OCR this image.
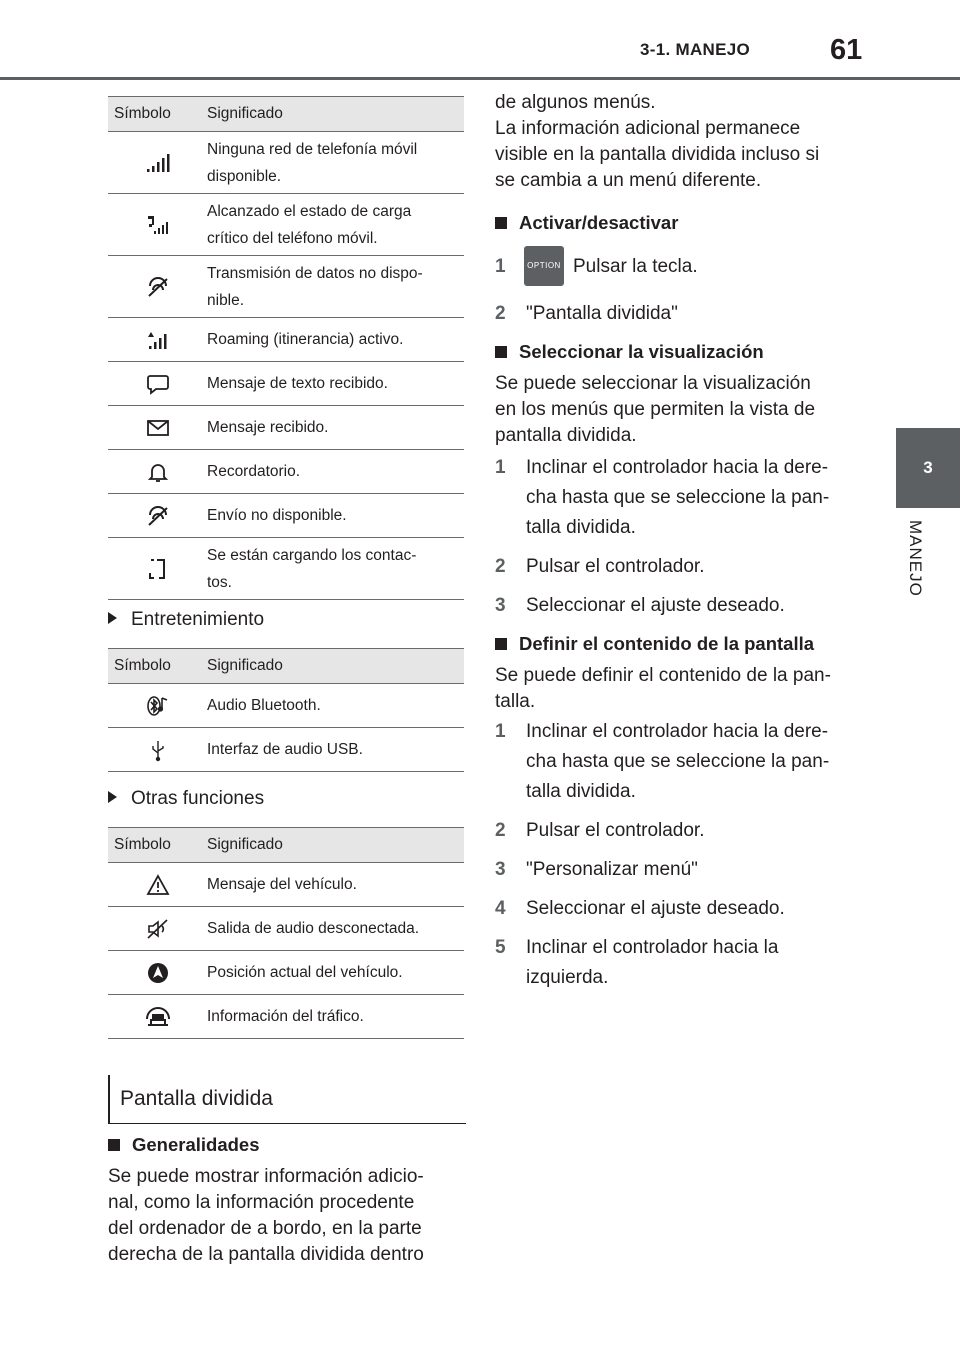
3-1. MANEJO	61
3
MANEJO
Símbolo	Significado

Ninguna red de telefonía móvil
disponible.

Alcanzado el estado de carga
crítico del teléfono móvil.

Transmisión de datos no dispo-
nible.

Roaming (itinerancia) activo.

Mensaje de texto recibido.

Mensaje recibido.

Recordatorio.

Envío no disponible.

Se están cargando los contac-
tos.
Entretenimiento
Símbolo	Significado

Audio Bluetooth.

Interfaz de audio USB.
Otras funciones
Símbolo	Significado

Mensaje del vehículo.

Salida de audio desconectada.

Posición actual del vehículo.

Información del tráfico.
Pantalla dividida
Generalidades
Se puede mostrar información adicio-
nal, como la información procedente
del ordenador de a bordo, en la parte
derecha de la pantalla dividida dentro
de algunos menús.
La información adicional permanece
visible en la pantalla dividida incluso si
se cambia a un menú diferente.
Activar/desactivar
1	Pulsar la tecla.
OPTION
2 "Pantalla dividida"
Seleccionar la visualización
Se puede seleccionar la visualización
en los menús que permiten la vista de
pantalla dividida.
1 Inclinar el controlador hacia la dere-
cha hasta que se seleccione la pan-
talla dividida.
2 Pulsar el controlador.
3 Seleccionar el ajuste deseado.
Definir el contenido de la pantalla
Se puede definir el contenido de la pan-
talla.
1 Inclinar el controlador hacia la dere-
cha hasta que se seleccione la pan-
talla dividida.
2 Pulsar el controlador.
3 "Personalizar menú"
4 Seleccionar el ajuste deseado.
5 Inclinar el controlador hacia la
izquierda.
